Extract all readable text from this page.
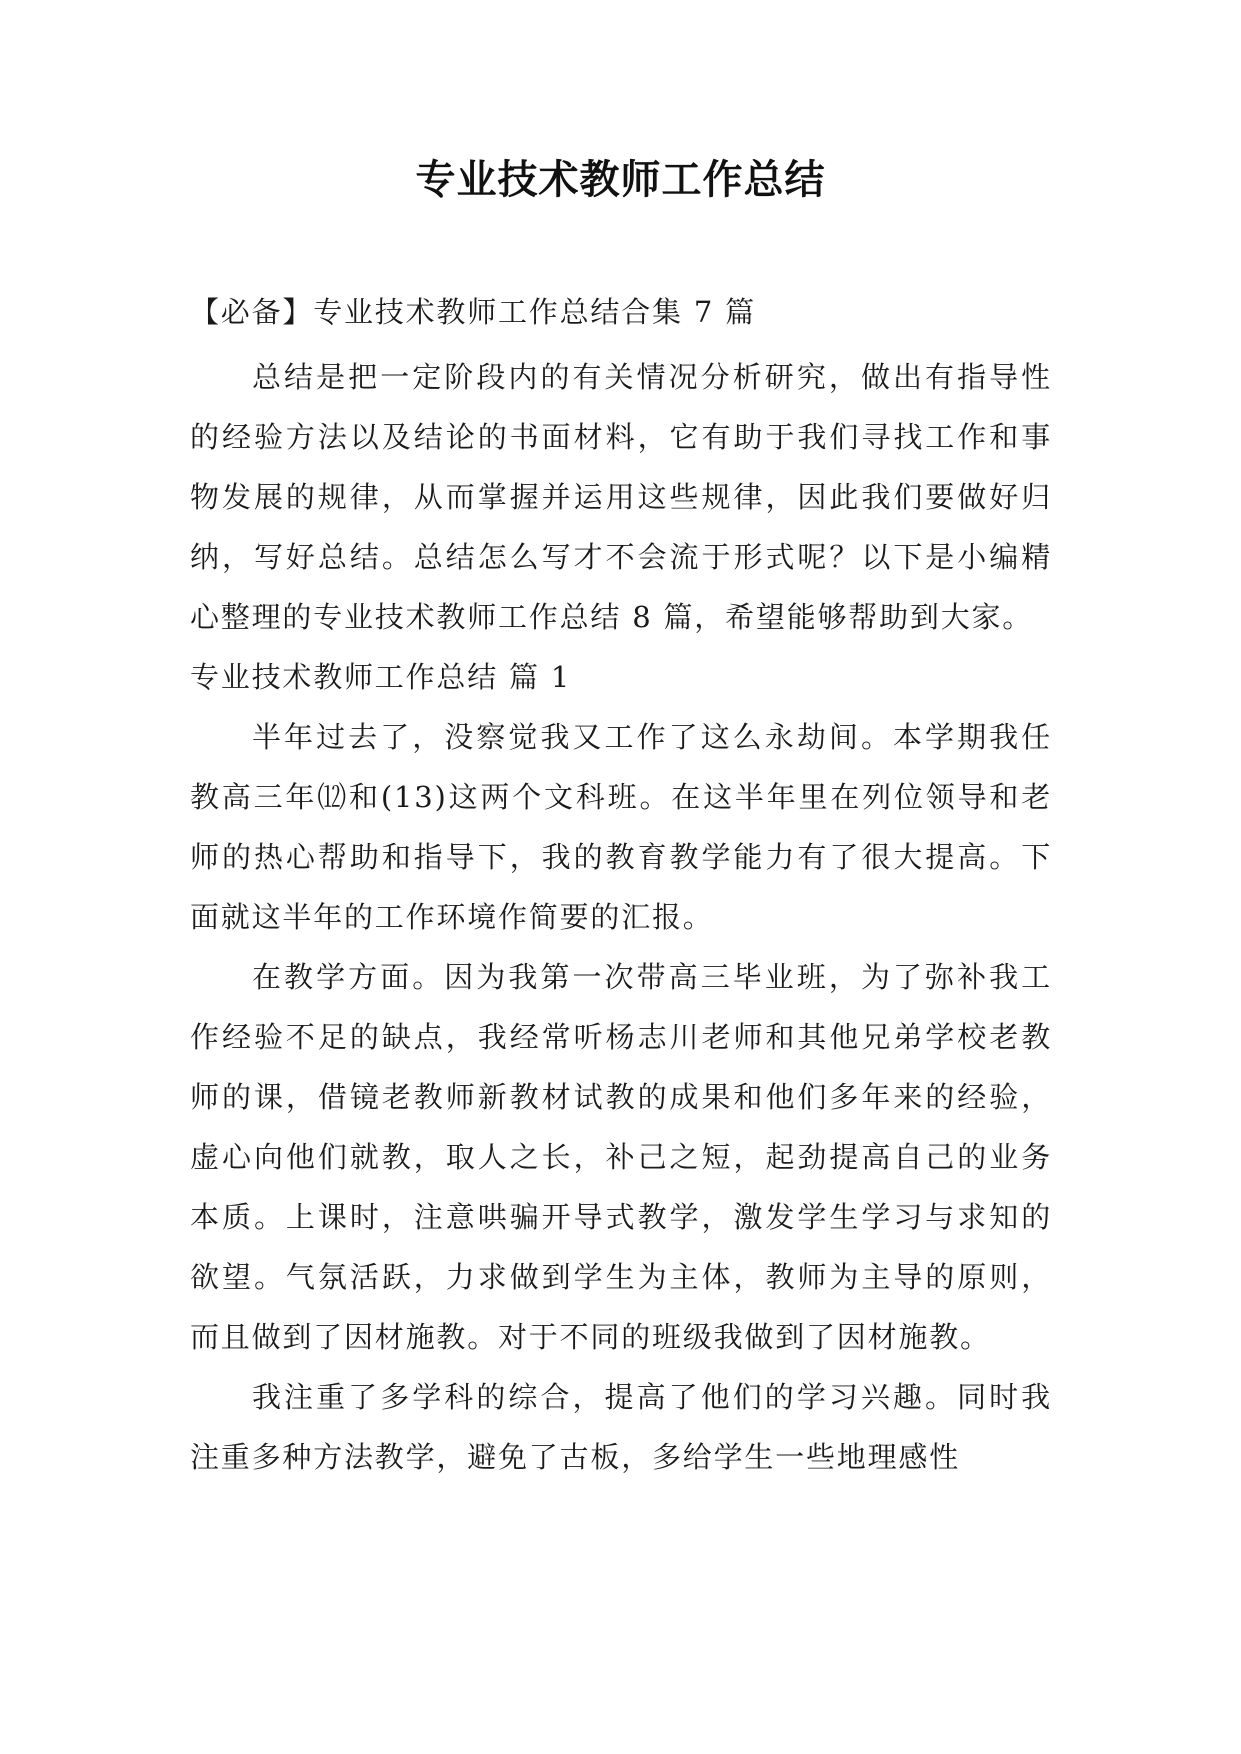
专业技术教师工作总结

【必备】专业技术教师工作总结合集 7 篇

总结是把一定阶段内的有关情况分析研究，做出有指导性的经验方法以及结论的书面材料，它有助于我们寻找工作和事物发展的规律，从而掌握并运用这些规律，因此我们要做好归纳，写好总结。总结怎么写才不会流于形式呢？以下是小编精心整理的专业技术教师工作总结 8 篇，希望能够帮助到大家。

专业技术教师工作总结 篇 1

半年过去了，没察觉我又工作了这么永劫间。本学期我任教高三年⑿和(13)这两个文科班。在这半年里在列位领导和老师的热心帮助和指导下，我的教育教学能力有了很大提高。下面就这半年的工作环境作简要的汇报。

在教学方面。因为我第一次带高三毕业班，为了弥补我工作经验不足的缺点，我经常听杨志川老师和其他兄弟学校老教师的课，借镜老教师新教材试教的成果和他们多年来的经验，虚心向他们就教，取人之长，补己之短，起劲提高自己的业务本质。上课时，注意哄骗开导式教学，激发学生学习与求知的欲望。气氛活跃，力求做到学生为主体，教师为主导的原则，而且做到了因材施教。对于不同的班级我做到了因材施教。

我注重了多学科的综合，提高了他们的学习兴趣。同时我注重多种方法教学，避免了古板，多给学生一些地理感性
